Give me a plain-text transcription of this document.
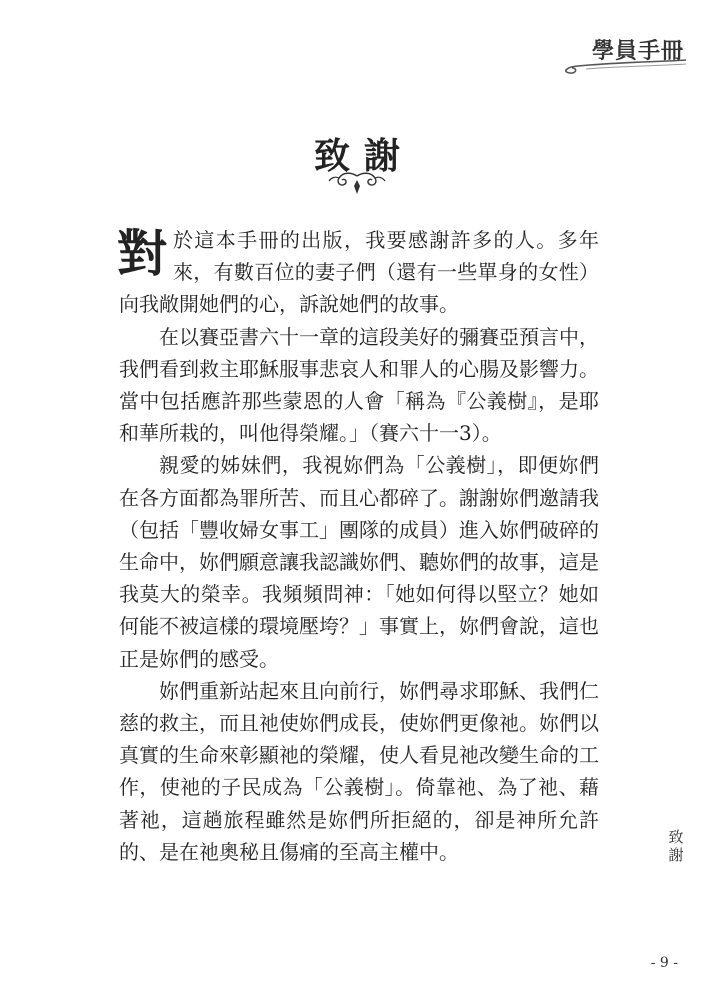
學員手冊
致謝

對於這本手冊的出版，我要感謝許多的人。多年來，有數百位的妻子們（還有一些單身的女性）向我敞開她們的心，訴說她們的故事。

在以賽亞書六十一章的這段美好的彌賽亞預言中，我們看到救主耶穌服事悲哀人和罪人的心腸及影響力。當中包括應許那些蒙恩的人會「稱為『公義樹』，是耶和華所栽的，叫他得榮耀。」（賽六十一3）。

親愛的姊妹們，我視妳們為「公義樹」，即便妳們在各方面都為罪所苦、而且心都碎了。謝謝妳們邀請我（包括「豐收婦女事工」團隊的成員）進入妳們破碎的生命中，妳們願意讓我認識妳們、聽妳們的故事，這是我莫大的榮幸。我頻頻問神：「她如何得以堅立？她如何能不被這樣的環境壓垮？」事實上，妳們會說，這也正是妳們的感受。

妳們重新站起來且向前行，妳們尋求耶穌、我們仁慈的救主，而且祂使妳們成長，使妳們更像祂。妳們以真實的生命來彰顯祂的榮耀，使人看見祂改變生命的工作，使祂的子民成為「公義樹」。倚靠祂、為了祂、藉著祂，這趟旅程雖然是妳們所拒絕的，卻是神所允許的、是在祂奧秘且傷痛的至高主權中。

致
謝
- 9 -
